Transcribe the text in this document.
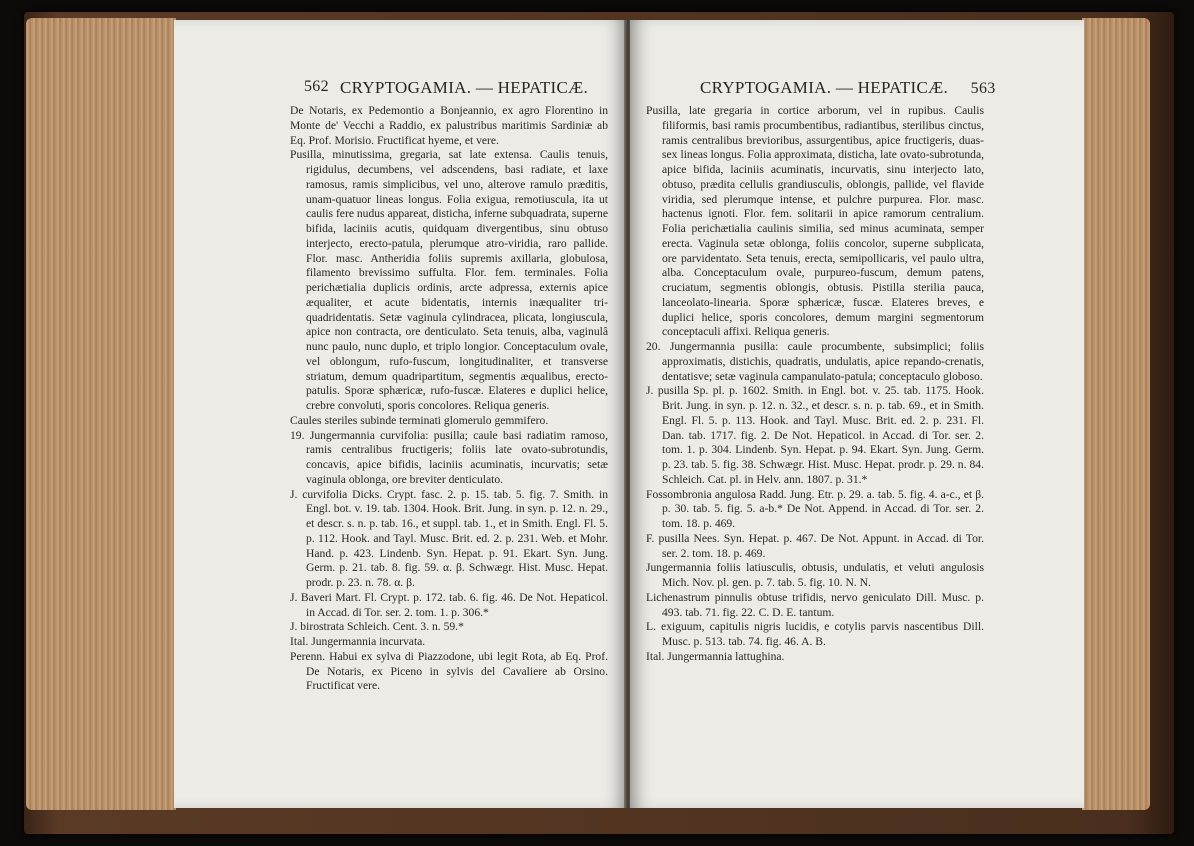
562 CRYPTOGAMIA. — HEPATICÆ.

De Notaris, ex Pedemontio a Bonjeannio, ex agro Florentino in Monte de' Vecchi a Raddio, ex palustribus maritimis Sardiniæ ab Eq. Prof. Morisio. Fructificat hyeme, et vere.

Pusilla, minutissima, gregaria, sat late extensa. Caulis tenuis, rigidulus, decumbens, vel adscendens, basi radiate, et laxe ramosus, ramis simplicibus, vel uno, alterove ramulo præditis, unam-quatuor lineas longus. Folia exigua, remotiuscula, ita ut caulis fere nudus appareat, disticha, inferne subquadrata, superne bifida, laciniis acutis, quidquam divergentibus, sinu obtuso interjecto, erecto-patula, plerumque atro-viridia, raro pallide. Flor. masc. Antheridia foliis supremis axillaria, globulosa, filamento brevissimo suffulta. Flor. fem. terminales. Folia perichætialia duplicis ordinis, arcte adpressa, externis apice æqualiter, et acute bidentatis, internis inæqualiter tri-quadridentatis. Setæ vaginula cylindracea, plicata, longiuscula, apice non contracta, ore denticulato. Seta tenuis, alba, vaginulâ nunc paulo, nunc duplo, et triplo longior. Conceptaculum ovale, vel oblongum, rufo-fuscum, longitudinaliter, et transverse striatum, demum quadripartitum, segmentis æqualibus, erecto-patulis. Sporæ sphæricæ, rufo-fuscæ. Elateres e duplici helice, crebre convoluti, sporis concolores. Reliqua generis.

Caules steriles subinde terminati glomerulo gemmifero.

19. Jungermannia curvifolia: pusilla; caule basi radiatim ramoso, ramis centralibus fructigeris; foliis late ovato-subrotundis, concavis, apice bifidis, laciniis acuminatis, incurvatis; setæ vaginula oblonga, ore breviter denticulato.

J. curvifolia Dicks. Crypt. fasc. 2. p. 15. tab. 5. fig. 7. Smith. in Engl. bot. v. 19. tab. 1304. Hook. Brit. Jung. in syn. p. 12. n. 29., et descr. s. n. p. tab. 16., et suppl. tab. 1., et in Smith. Engl. Fl. 5. p. 112. Hook. and Tayl. Musc. Brit. ed. 2. p. 231. Web. et Mohr. Hand. p. 423. Lindenb. Syn. Hepat. p. 91. Ekart. Syn. Jung. Germ. p. 21. tab. 8. fig. 59. α. β. Schwægr. Hist. Musc. Hepat. prodr. p. 23. n. 78. α. β.

J. Baveri Mart. Fl. Crypt. p. 172. tab. 6. fig. 46. De Not. Hepaticol. in Accad. di Tor. ser. 2. tom. 1. p. 306.*

J. birostrata Schleich. Cent. 3. n. 59.*

Ital. Jungermannia incurvata.

Perenn. Habui ex sylva di Piazzodone, ubi legit Rota, ab Eq. Prof. De Notaris, ex Piceno in sylvis del Cavaliere ab Orsino. Fructificat vere.

CRYPTOGAMIA. — HEPATICÆ. 563

Pusilla, late gregaria in cortice arborum, vel in rupibus. Caulis filiformis, basi ramis procumbentibus, radiantibus, sterilibus cinctus, ramis centralibus brevioribus, assurgentibus, apice fructigeris, duas-sex lineas longus. Folia approximata, disticha, late ovato-subrotunda, apice bifida, laciniis acuminatis, incurvatis, sinu interjecto lato, obtuso, prædita cellulis grandiusculis, oblongis, pallide, vel flavide viridia, sed plerumque intense, et pulchre purpurea. Flor. masc. hactenus ignoti. Flor. fem. solitarii in apice ramorum centralium. Folia perichætialia caulinis similia, sed minus acuminata, semper erecta. Vaginula setæ oblonga, foliis concolor, superne subplicata, ore parvidentato. Seta tenuis, erecta, semipollicaris, vel paulo ultra, alba. Conceptaculum ovale, purpureo-fuscum, demum patens, cruciatum, segmentis oblongis, obtusis. Pistilla sterilia pauca, lanceolato-linearia. Sporæ sphæricæ, fuscæ. Elateres breves, e duplici helice, sporis concolores, demum margini segmentorum conceptaculi affixi. Reliqua generis.

20. Jungermannia pusilla: caule procumbente, subsimplici; foliis approximatis, distichis, quadratis, undulatis, apice repando-crenatis, dentatisve; setæ vaginula campanulato-patula; conceptaculo globoso.

J. pusilla Sp. pl. p. 1602. Smith. in Engl. bot. v. 25. tab. 1175. Hook. Brit. Jung. in syn. p. 12. n. 32., et descr. s. n. p. tab. 69., et in Smith. Engl. Fl. 5. p. 113. Hook. and Tayl. Musc. Brit. ed. 2. p. 231. Fl. Dan. tab. 1717. fig. 2. De Not. Hepaticol. in Accad. di Tor. ser. 2. tom. 1. p. 304. Lindenb. Syn. Hepat. p. 94. Ekart. Syn. Jung. Germ. p. 23. tab. 5. fig. 38. Schwægr. Hist. Musc. Hepat. prodr. p. 29. n. 84. Schleich. Cat. pl. in Helv. ann. 1807. p. 31.*

Fossombronia angulosa Radd. Jung. Etr. p. 29. a. tab. 5. fig. 4. a-c., et β. p. 30. tab. 5. fig. 5. a-b.* De Not. Append. in Accad. di Tor. ser. 2. tom. 18. p. 469.

F. pusilla Nees. Syn. Hepat. p. 467. De Not. Appunt. in Accad. di Tor. ser. 2. tom. 18. p. 469.

Jungermannia foliis latiusculis, obtusis, undulatis, et veluti angulosis Mich. Nov. pl. gen. p. 7. tab. 5. fig. 10. N. N.

Lichenastrum pinnulis obtuse trifidis, nervo geniculato Dill. Musc. p. 493. tab. 71. fig. 22. C. D. E. tantum.

L. exiguum, capitulis nigris lucidis, e cotylis parvis nascentibus Dill. Musc. p. 513. tab. 74. fig. 46. A. B.

Ital. Jungermannia lattughina.
